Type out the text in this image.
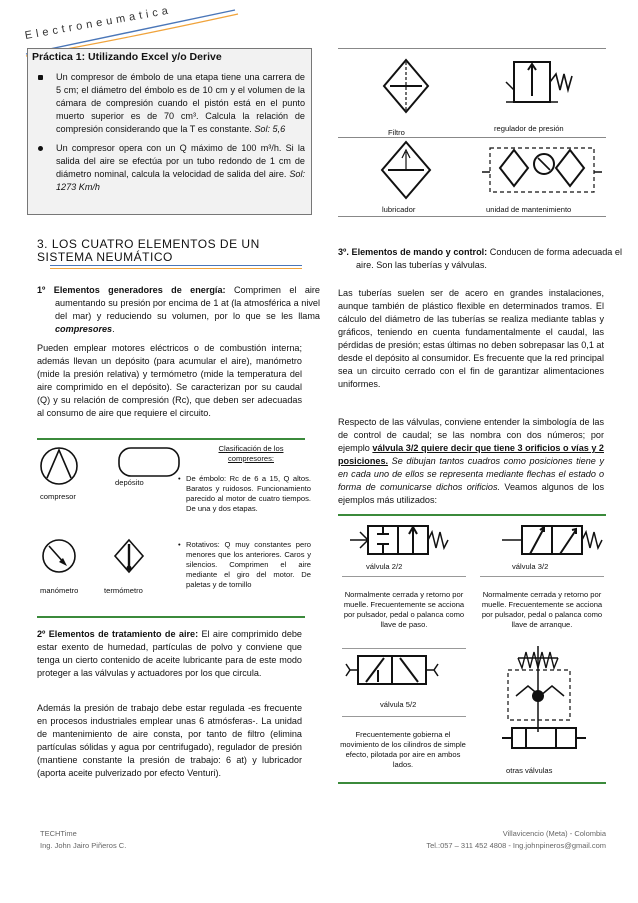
Electroneumatica
Práctica 1: Utilizando Excel y/o Derive
Un compresor de émbolo de una etapa tiene una carrera de 5 cm; el diámetro del émbolo es de 10 cm y el volumen de la cámara de compresión cuando el pistón está en el punto muerto superior es de 70 cm³. Calcula la relación de compresión considerando que la T es constante. Sol: 5,6
Un compresor opera con un Q máximo de 100 m³/h. Si la salida del aire se efectúa por un tubo redondo de 1 cm de diámetro nominal, calcula la velocidad de salida del aire. Sol: 1273 Km/h
3. LOS CUATRO ELEMENTOS DE UN SISTEMA NEUMÁTICO
1º Elementos generadores de energía: Comprimen el aire aumentando su presión por encima de 1 at (la atmosférica a nivel del mar) y reduciendo su volumen, por lo que se les llama compresores.
Pueden emplear motores eléctricos o de combustión interna; además llevan un depósito (para acumular el aire), manómetro (mide la presión relativa) y termómetro (mide la temperatura del aire comprimido en el depósito). Se caracterizan por su caudal (Q) y su relación de compresión (Rc), que deben ser adecuadas al consumo de aire que requiere el circuito.
compresor
depósito
manómetro	termómetro
Clasificación de los compresores:
• De émbolo: Rc de 6 a 15, Q altos. Baratos y ruidosos. Funcionamiento parecido al motor de cuatro tiempos. De una y dos etapas.
• Rotativos: Q muy constantes pero menores que los anteriores. Caros y silencios. Comprimen el aire mediante el giro del motor. De paletas y de tornillo
2º Elementos de tratamiento de aire: El aire comprimido debe estar exento de humedad, partículas de polvo y conviene que tenga un cierto contenido de aceite lubricante para de este modo proteger a las válvulas y actuadores por los que circula.
Además la presión de trabajo debe estar regulada -es frecuente en procesos industriales emplear unas 6 atmósferas-. La unidad de mantenimiento de aire consta, por tanto de filtro (elimina partículas sólidas y agua por centrifugado), regulador de presión (mantiene constante la presión de trabajo: 6 at) y lubricador (aporta aceite pulverizado por efecto Venturi).
Filtro	regulador de presión
lubricador	unidad de mantenimiento
3º. Elementos de mando y control: Conducen de forma adecuada el aire. Son las tuberías y válvulas.
Las tuberías suelen ser de acero en grandes instalaciones, aunque también de plástico flexible en determinados tramos. El cálculo del diámetro de las tuberías se realiza mediante tablas y gráficos, teniendo en cuenta fundamentalmente el caudal, las pérdidas de presión; estas últimas no deben sobrepasar las 0,1 at desde el depósito al consumidor. Es frecuente que la red principal sea un circuito cerrado con el fin de garantizar alimentaciones uniformes.
Respecto de las válvulas, conviene entender la simbología de las de control de caudal; se las nombra con dos números; por ejemplo válvula 3/2 quiere decir que tiene 3 orificios o vías y 2 posiciones. Se dibujan tantos cuadros como posiciones tiene y en cada uno de ellos se representa mediante flechas el estado o forma de comunicarse dichos orificios. Veamos algunos de los ejemplos más utilizados:
válvula 2/2	válvula 3/2
Normalmente cerrada y retorno por muelle. Frecuentemente se acciona por pulsador, pedal o palanca como llave de paso.
Normalmente cerrada y retorno por muelle. Frecuentemente se acciona por pulsador, pedal o palanca como llave de arranque.
válvula 5/2
Frecuentemente gobierna el movimiento de los cilindros de simple efecto, pilotada por aire en ambos lados.
otras válvulas
TECHTime
Ing. John Jairo Piñeros C.
Villavicencio (Meta) - Colombia
Tel.:057 – 311 452 4808 - Ing.johnpineros@gmail.com
